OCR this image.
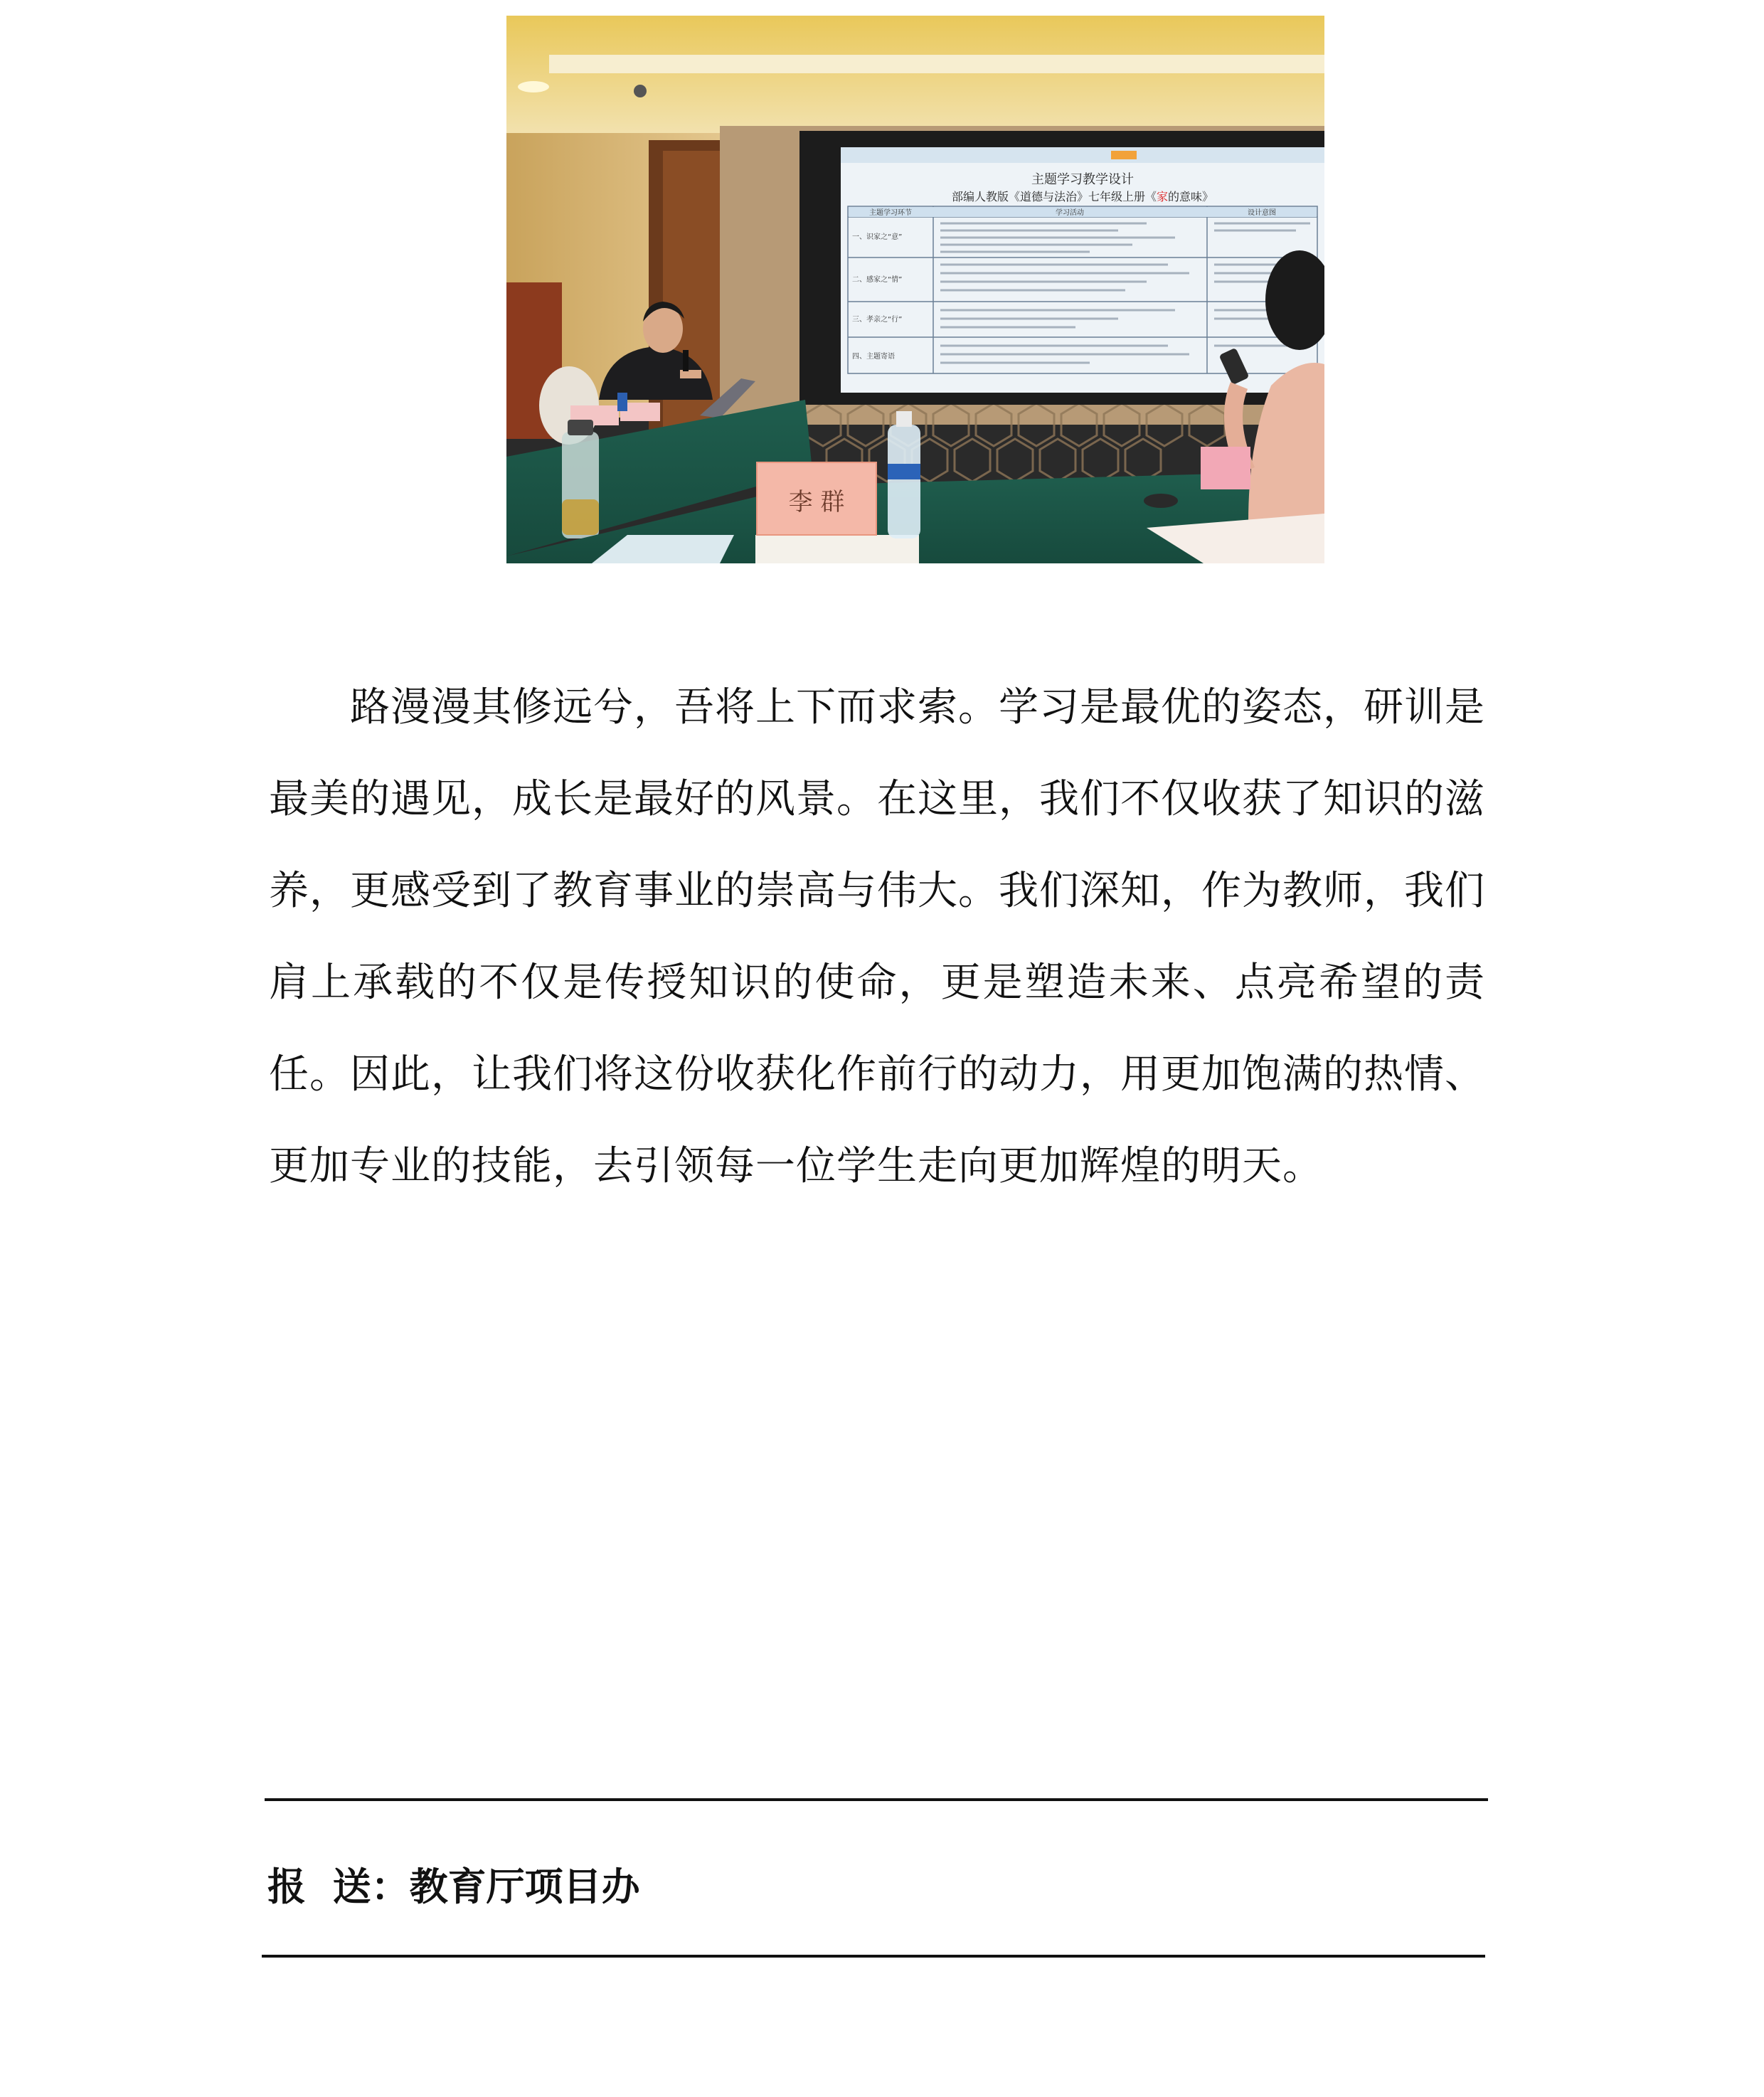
主题学习教学设计
部编人教版《道德与法治》七年级上册《家的意味》
主题学习环节	学习活动	设计意图
一、识家之“意”
二、感家之“情”
三、孝亲之“行”
四、主题寄语
李 群

路漫漫其修远兮，吾将上下而求索。学习是最优的姿态，研训是最美的遇见，成长是最好的风景。在这里，我们不仅收获了知识的滋养，更感受到了教育事业的崇高与伟大。我们深知，作为教师，我们肩上承载的不仅是传授知识的使命，更是塑造未来、点亮希望的责任。因此，让我们将这份收获化作前行的动力，用更加饱满的热情、更加专业的技能，去引领每一位学生走向更加辉煌的明天。

报  送：教育厅项目办
